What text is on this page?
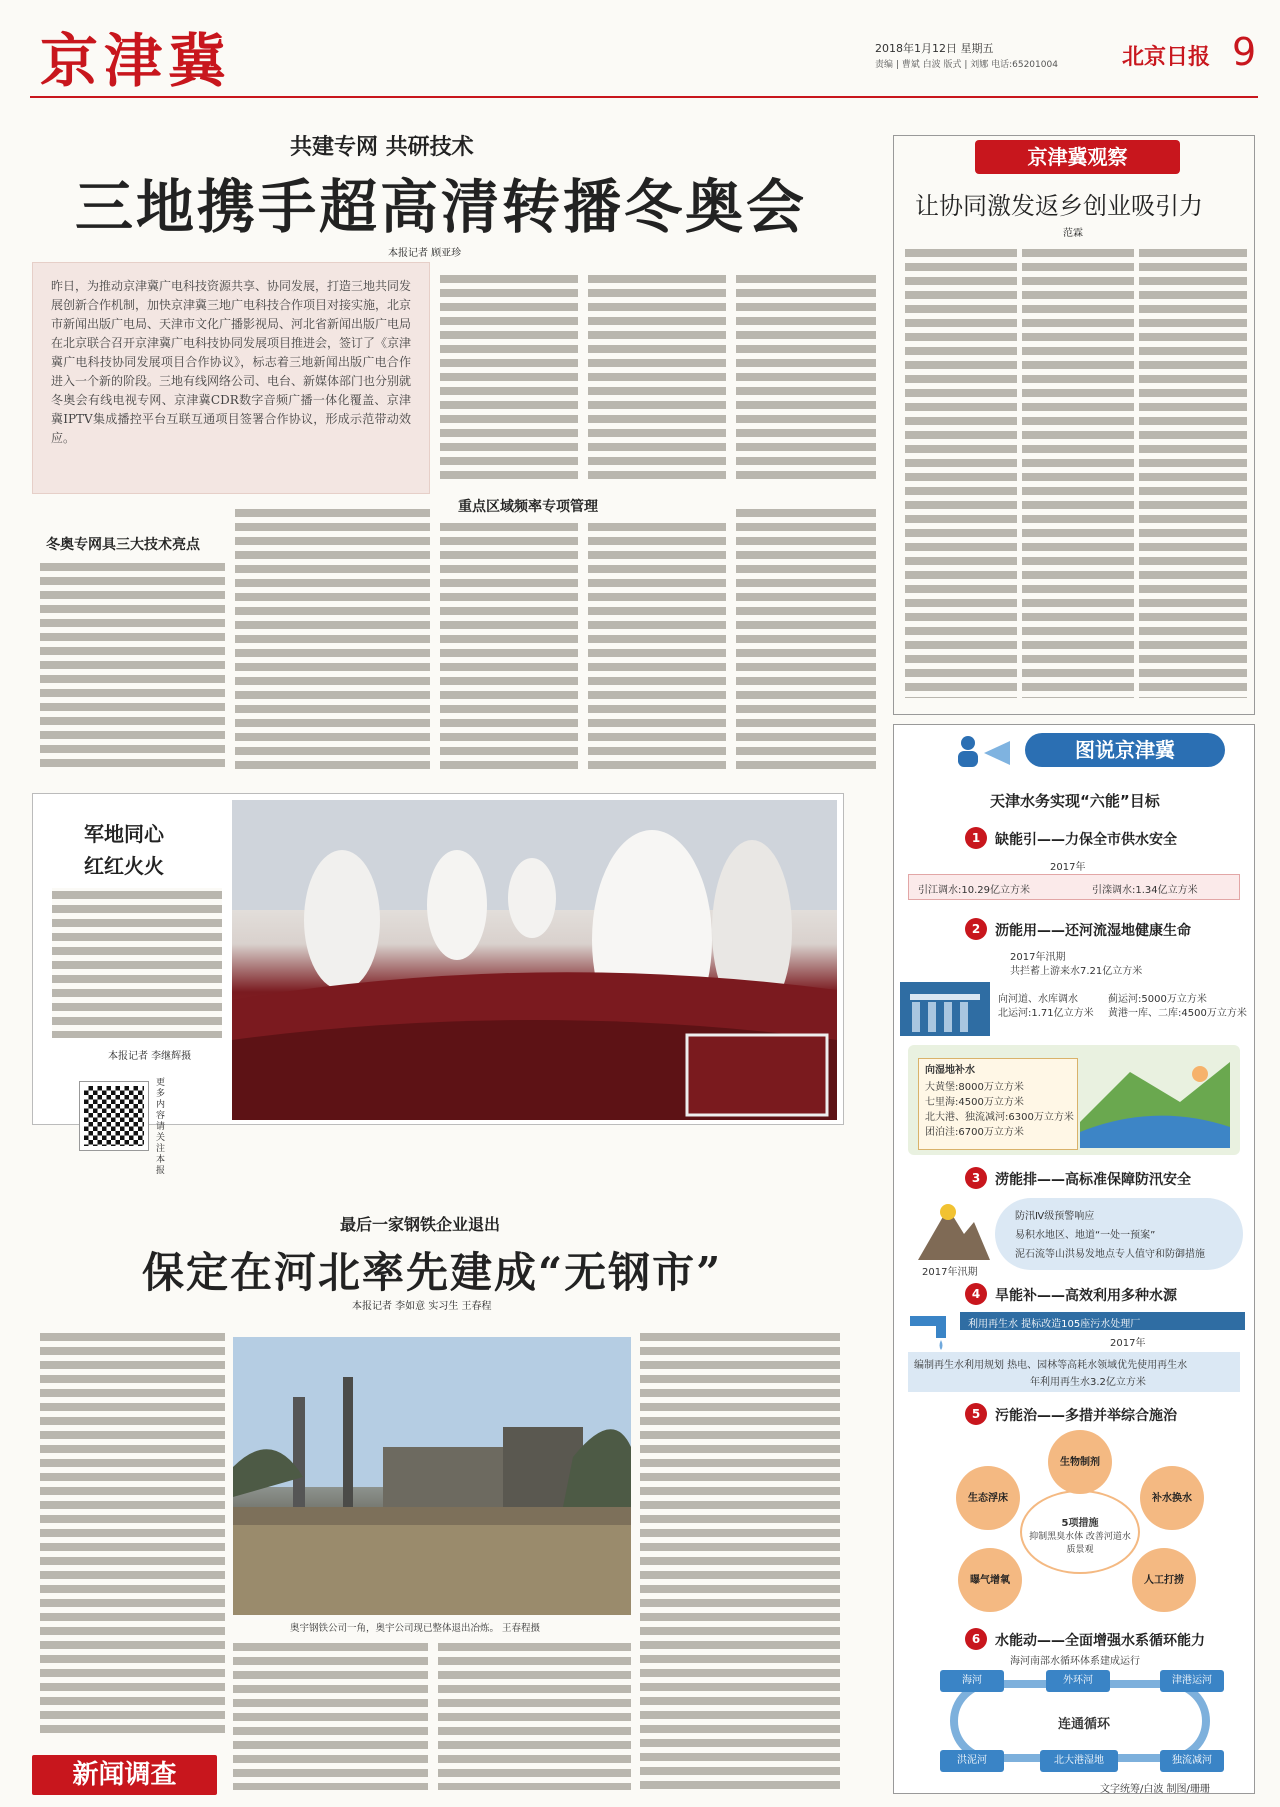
京津冀	2018年1月12日 星期五
责编 | 曹斌 白波 版式 | 刘娜 电话:65201004	北京日报 9
共建专网 共研技术
三地携手超高清转播冬奥会
本报记者 顾亚珍
昨日，为推动京津冀广电科技资源共享、协同发展，打造三地共同发展创新合作机制，加快京津冀三地广电科技合作项目对接实施，北京市新闻出版广电局、天津市文化广播影视局、河北省新闻出版广电局在北京联合召开京津冀广电科技协同发展项目推进会，签订了《京津冀广电科技协同发展项目合作协议》，标志着三地新闻出版广电合作进入一个新的阶段。三地有线网络公司、电台、新媒体部门也分别就冬奥会有线电视专网、京津冀CDR数字音频广播一体化覆盖、京津冀IPTV集成播控平台互联互通项目签署合作协议，形成示范带动效应。
重点区域频率专项管理
冬奥专网具三大技术亮点
京津冀观察
让协同激发返乡创业吸引力
范霖
军地同心
红红火火
本报记者 李继辉摄
更多内容请关注本报
最后一家钢铁企业退出
保定在河北率先建成“无钢市”
本报记者 李如意 实习生 王春程
奥宇钢铁公司一角，奥宇公司现已整体退出冶炼。 王春程摄
新闻调查
图说京津冀
天津水务实现“六能”目标
1	缺能引——力保全市供水安全
2017年
引江调水:10.29亿立方米	引滦调水:1.34亿立方米
2	沥能用——还河流湿地健康生命
2017年汛期
共拦蓄上游来水7.21亿立方米
向河道、水库调水
北运河:1.71亿立方米
蓟运河:5000万立方米
黄港一库、二库:4500万立方米
向湿地补水
大黄堡:8000万立方米
七里海:4500万立方米
北大港、独流减河:6300万立方米
团泊洼:6700万立方米
3	涝能排——高标准保障防汛安全
2017年汛期
防汛Ⅳ级预警响应
易积水地区、地道“一处一预案”
泥石流等山洪易发地点专人值守和防御措施
4	旱能补——高效利用多种水源
利用再生水 提标改造105座污水处理厂
2017年
编制再生水利用规划 热电、园林等高耗水领域优先使用再生水
年利用再生水3.2亿立方米
5	污能治——多措并举综合施治
5项措施
抑制黑臭水体 改善河道水质景观
生物制剂
补水换水
人工打捞
曝气增氧
生态浮床
6	水能动——全面增强水系循环能力
海河南部水循环体系建成运行
连通循环
海河	外环河	津港运河
洪泥河	北大港湿地	独流减河
文字统筹/白波 制图/珊珊
